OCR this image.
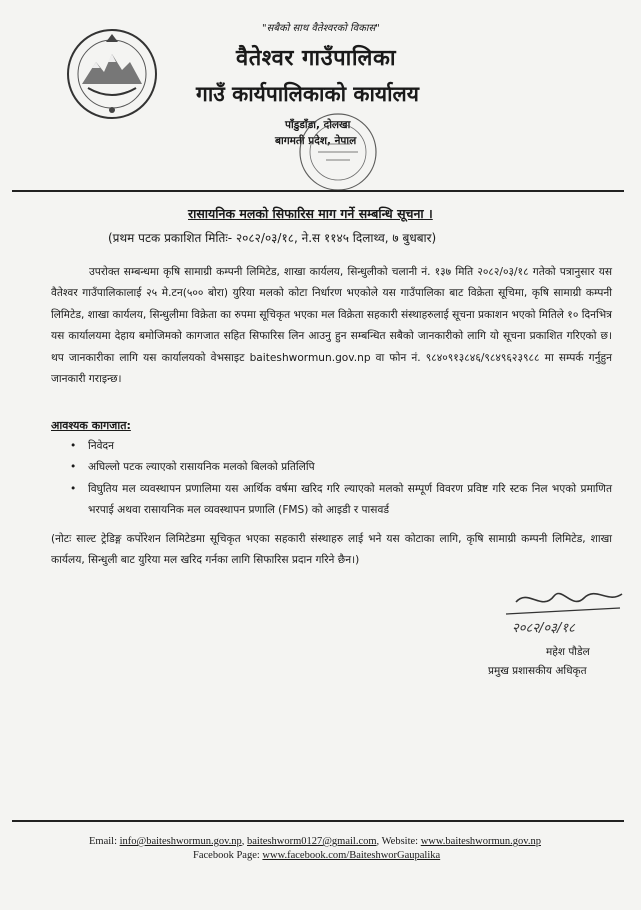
"सबैको साथ वैतेश्वरको विकास"
वैतेश्वर गाउँपालिका
गाउँ कार्यपालिकाको कार्यालय
पाँडुडाँडा, दोलखा
बागमती प्रदेश, नेपाल
रासायनिक मलको सिफारिस माग गर्ने सम्बन्धि सूचना ।
(प्रथम पटक प्रकाशित मितिः- २०८२/०३/१८, ने.स ११४५ दिलाथ्व, ७ बुधबार)
उपरोक्त सम्बन्धमा कृषि सामाग्री कम्पनी लिमिटेड, शाखा कार्यलय, सिन्धुलीको चलानी नं. १३७ मिति २०८२/०३/१८ गतेको पत्रानुसार यस वैतेश्वर गाउँपालिकालाई २५ मे.टन(५०० बोरा) युरिया मलको कोटा निर्धारण भएकोले यस गाउँपालिका बाट विक्रेता सूचिमा, कृषि सामाग्री कम्पनी लिमिटेड, शाखा कार्यलय, सिन्धुलीमा विक्रेता का रुपमा सूचिकृत भएका मल विक्रेता सहकारी संस्थाहरुलाई सूचना प्रकाशन भएको मितिले १० दिनभित्र यस कार्यालयमा देहाय बमोजिमको कागजात सहित सिफारिस लिन आउनु हुन सम्बन्धित सबैको जानकारीको लागि यो सूचना प्रकाशित गरिएको छ। थप जानकारीका लागि यस कार्यालयको वेभसाइट baiteshwormun.gov.np वा फोन नं. ९८४०९१३८४६/९८४९६२३९८८ मा सम्पर्क गर्नुहुन जानकारी गराइन्छ।
आवश्यक कागजात:
• निवेदन
• अघिल्लो पटक ल्याएको रासायनिक मलको बिलको प्रतिलिपि
• विघुतिय मल व्यवस्थापन प्रणालिमा यस आर्थिक वर्षमा खरिद गरि ल्याएको मलको सम्पूर्ण विवरण प्रविष्ट गरि स्टक निल भएको प्रमाणित भरपाई अथवा रासायनिक मल व्यवस्थापन प्रणालि (FMS) को आइडी र पासवर्ड
(नोटः साल्ट ट्रेडिङ्ग कर्पोरेशन लिमिटेडमा सूचिकृत भएका सहकारी संस्थाहरु लाई भने यस कोटाका लागि, कृषि सामाग्री कम्पनी लिमिटेड, शाखा कार्यलय, सिन्धुली बाट युरिया मल खरिद गर्नका लागि सिफारिस प्रदान गरिने छैन।)
२०८२/०३/१८
महेश पौडेल
प्रमुख प्रशासकीय अधिकृत
Email: info@baiteshwormun.gov.np, baiteshworm0127@gmail.com, Website: www.baiteshwormun.gov.np
Facebook Page: www.facebook.com/BaiteshworGaupalika
